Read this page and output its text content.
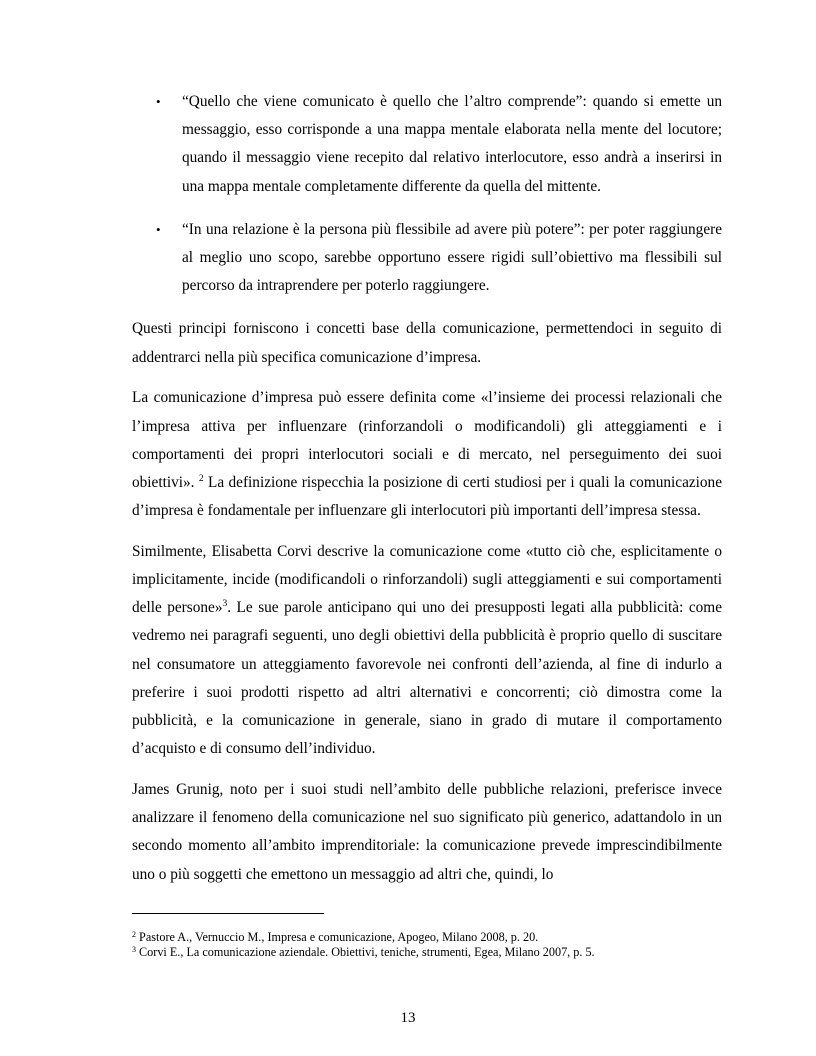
• “Quello che viene comunicato è quello che l’altro comprende”: quando si emette un messaggio, esso corrisponde a una mappa mentale elaborata nella mente del locutore; quando il messaggio viene recepito dal relativo interlocutore, esso andrà a inserirsi in una mappa mentale completamente differente da quella del mittente.
• “In una relazione è la persona più flessibile ad avere più potere”: per poter raggiungere al meglio uno scopo, sarebbe opportuno essere rigidi sull’obiettivo ma flessibili sul percorso da intraprendere per poterlo raggiungere.

Questi principi forniscono i concetti base della comunicazione, permettendoci in seguito di addentrarci nella più specifica comunicazione d’impresa.

La comunicazione d’impresa può essere definita come «l’insieme dei processi relazionali che l’impresa attiva per influenzare (rinforzandoli o modificandoli) gli atteggiamenti e i comportamenti dei propri interlocutori sociali e di mercato, nel perseguimento dei suoi obiettivi». $^2$ La definizione rispecchia la posizione di certi studiosi per i quali la comunicazione d’impresa è fondamentale per influenzare gli interlocutori più importanti dell’impresa stessa.

Similmente, Elisabetta Corvi descrive la comunicazione come «tutto ciò che, esplicitamente o implicitamente, incide (modificandoli o rinforzandoli) sugli atteggiamenti e sui comportamenti delle persone»$^3$. Le sue parole anticipano qui uno dei presupposti legati alla pubblicità: come vedremo nei paragrafi seguenti, uno degli obiettivi della pubblicità è proprio quello di suscitare nel consumatore un atteggiamento favorevole nei confronti dell’azienda, al fine di indurlo a preferire i suoi prodotti rispetto ad altri alternativi e concorrenti; ciò dimostra come la pubblicità, e la comunicazione in generale, siano in grado di mutare il comportamento d’acquisto e di consumo dell’individuo.

James Grunig, noto per i suoi studi nell’ambito delle pubbliche relazioni, preferisce invece analizzare il fenomeno della comunicazione nel suo significato più generico, adattandolo in un secondo momento all’ambito imprenditoriale: la comunicazione prevede imprescindibilmente uno o più soggetti che emettono un messaggio ad altri che, quindi, lo

$^2$ Pastore A., Vernuccio M., Impresa e comunicazione, Apogeo, Milano 2008, p. 20.
$^3$ Corvi E., La comunicazione aziendale. Obiettivi, teniche, strumenti, Egea, Milano 2007, p. 5.
13
